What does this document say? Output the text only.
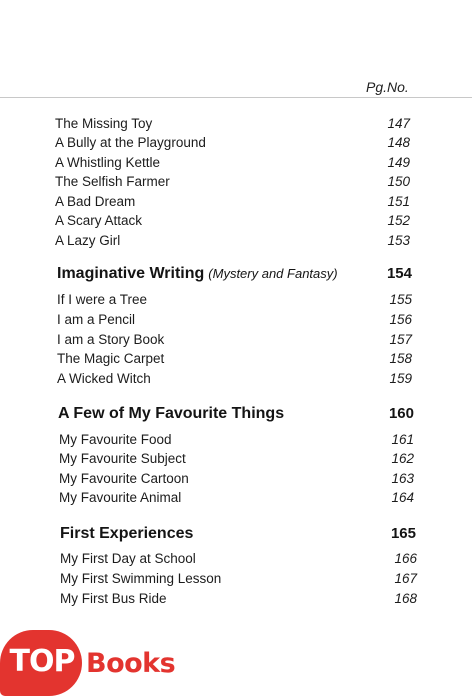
Pg.No.
The Missing Toy	147
A Bully at the Playground	148
A Whistling Kettle	149
The Selfish Farmer	150
A Bad Dream	151
A Scary Attack	152
A Lazy Girl	153
Imaginative Writing (Mystery and Fantasy)	154
If I were a Tree	155
I am a Pencil	156
I am a Story Book	157
The Magic Carpet	158
A Wicked Witch	159
A Few of My Favourite Things	160
My Favourite Food	161
My Favourite Subject	162
My Favourite Cartoon	163
My Favourite Animal	164
First Experiences	165
My First Day at School	166
My First Swimming Lesson	167
My First Bus Ride	168
TOP Books
